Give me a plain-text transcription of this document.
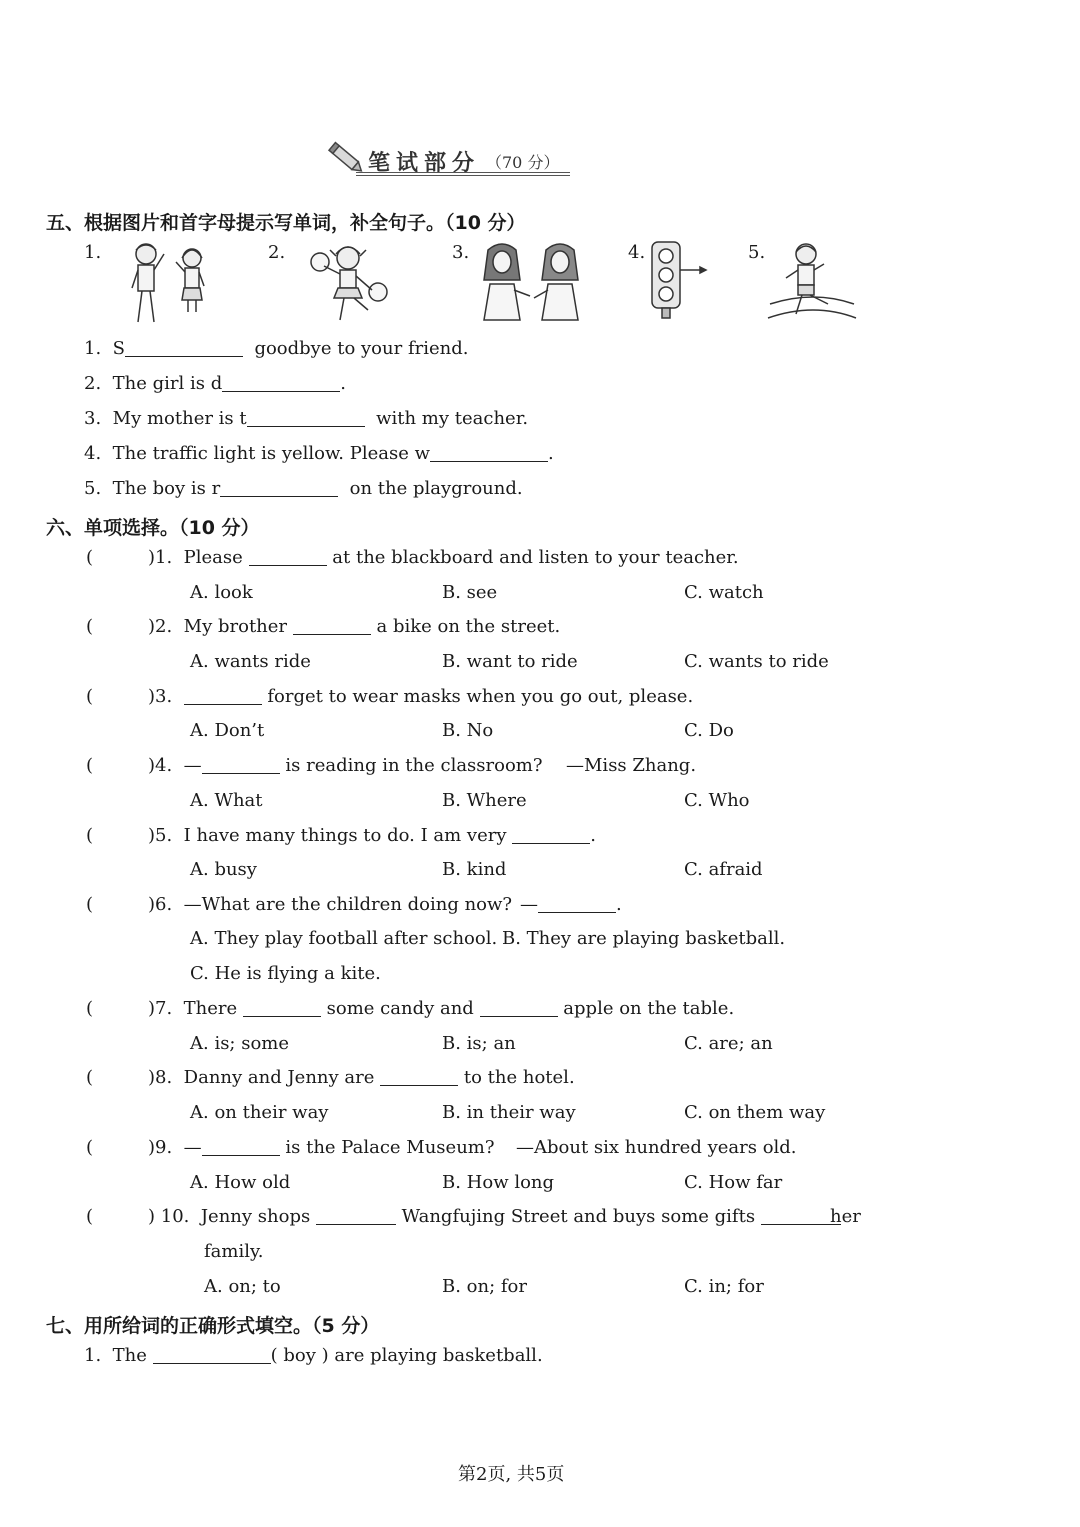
笔试部分 （70 分）
五、根据图片和首字母提示写单词，补全句子。（10 分）
1.	2.	3.	4.	5.
1. S	goodbye to your friend.
2. The girl is d	.
3. My mother is t	with my teacher.
4. The traffic light is yellow. Please w	.
5. The boy is r	on the playground.
六、单项选择。（10 分）
(	)1. Please	at the blackboard and listen to your teacher.
A. look	B. see	C. watch
(	)2. My brother	a bike on the street.
A. wants ride	B. want to ride	C. wants to ride
(	)3.	forget to wear masks when you go out, please.
A. Don’t	B. No	C. Do
(	)4. —	is reading in the classroom? —Miss Zhang.
A. What	B. Where	C. Who
(	)5. I have many things to do. I am very	.
A. busy	B. kind	C. afraid
(	)6. —What are the children doing now? —	.
A. They play football after school. B. They are playing basketball.
C. He is flying a kite.
(	)7. There	some candy and	apple on the table.
A. is; some	B. is; an	C. are; an
(	)8. Danny and Jenny are	to the hotel.
A. on their way	B. in their way	C. on them way
(	)9. —	is the Palace Museum? —About six hundred years old.
A. How old	B. How long	C. How far
(	) 10. Jenny shops	Wangfujing Street and buys some gifts	her
family.
A. on; to	B. on; for	C. in; for
七、用所给词的正确形式填空。（5 分）
1. The	( boy ) are playing basketball.
第2页, 共5页
